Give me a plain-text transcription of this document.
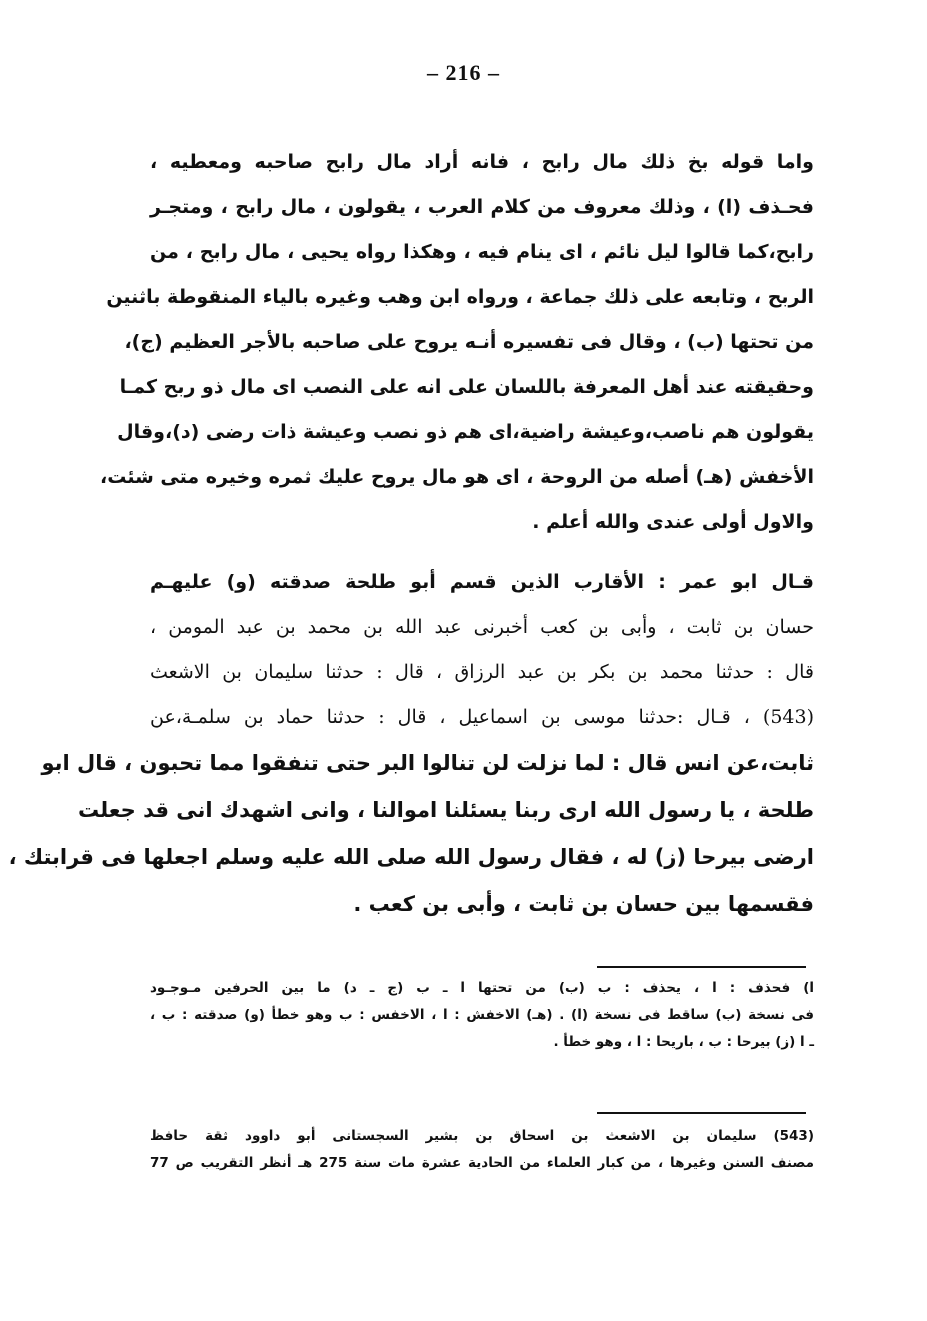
– 216 –
واما قوله بخ ذلك مال رابح ، فانه أراد مال رابح صاحبه ومعطيه ،
فحـذف (ا) ، وذلك معروف من كلام العرب ، يقولون ، مال رابح ، ومتجـر
رابح،كما قالوا ليل نائم ، اى ينام فيه ، وهكذا رواه يحيى ، مال رابح ، من
الربح ، وتابعه على ذلك جماعة ، ورواه ابن وهب وغيره بالياء المنقوطة باثنين
من تحتها (ب) ، وقال فى تفسيره أنـه يروح على صاحبه بالأجر العظيم (ج)،
وحقيقته عند أهل المعرفة باللسان على انه على النصب اى مال ذو ربح كمـا
يقولون هم ناصب،وعيشة راضية،اى هم ذو نصب وعيشة ذات رضى (د)،وقال
الأخفش (هـ) أصله من الروحة ، اى هو مال يروح عليك ثمره وخيره متى شئت،
والاول أولى عندى والله أعلم .
قـال ابو عمر : الأقارب الذين قسم أبو طلحة صدقته (و) عليهـم
حسان بن ثابت ، وأبى بن كعب أخبرنى عبد الله بن محمد بن عبد المومن ،
قال : حدثنا محمد بن بكر بن عبد الرزاق ، قال : حدثنا سليمان بن الاشعث
(543) ، قـال :حدثنا موسى بن اسماعيل ، قال : حدثنا حماد بن سلمـة،عن
ثابت،عن انس قال : لما نزلت لن تنالوا البر حتى تنفقوا مما تحبون ، قال ابو
طلحة ، يا رسول الله ارى ربنا يسئلنا اموالنا ، وانى اشهدك انى قد جعلت
ارضى بيرحا (ز) له ، فقال رسول الله صلى الله عليه وسلم اجعلها فى قرابتك ،
فقسمها بين حسان بن ثابت ، وأبى بن كعب .
ا) فحذف : ا ، يحذف : ب (ب) من تحتها ا ـ ب (ج ـ د) ما بين الحرفين مـوجـود
فى نسخة (ب) ساقط فى نسخة (ا) . (هـ) الاخفش : ا ، الاخفس : ب وهو خطأ (و) صدقته : ب ،
ـ ا (ز) بيرحا : ب ، باريحا : ا ، وهو خطأ .
(543) سليمان بن الاشعث بن اسحاق بن بشير السجستانى أبو داوود ثقة حافظ
مصنف السنن وغيرها ، من كبار العلماء من الحادية عشرة مات سنة 275 هـ أنظر التقريب ص 77
